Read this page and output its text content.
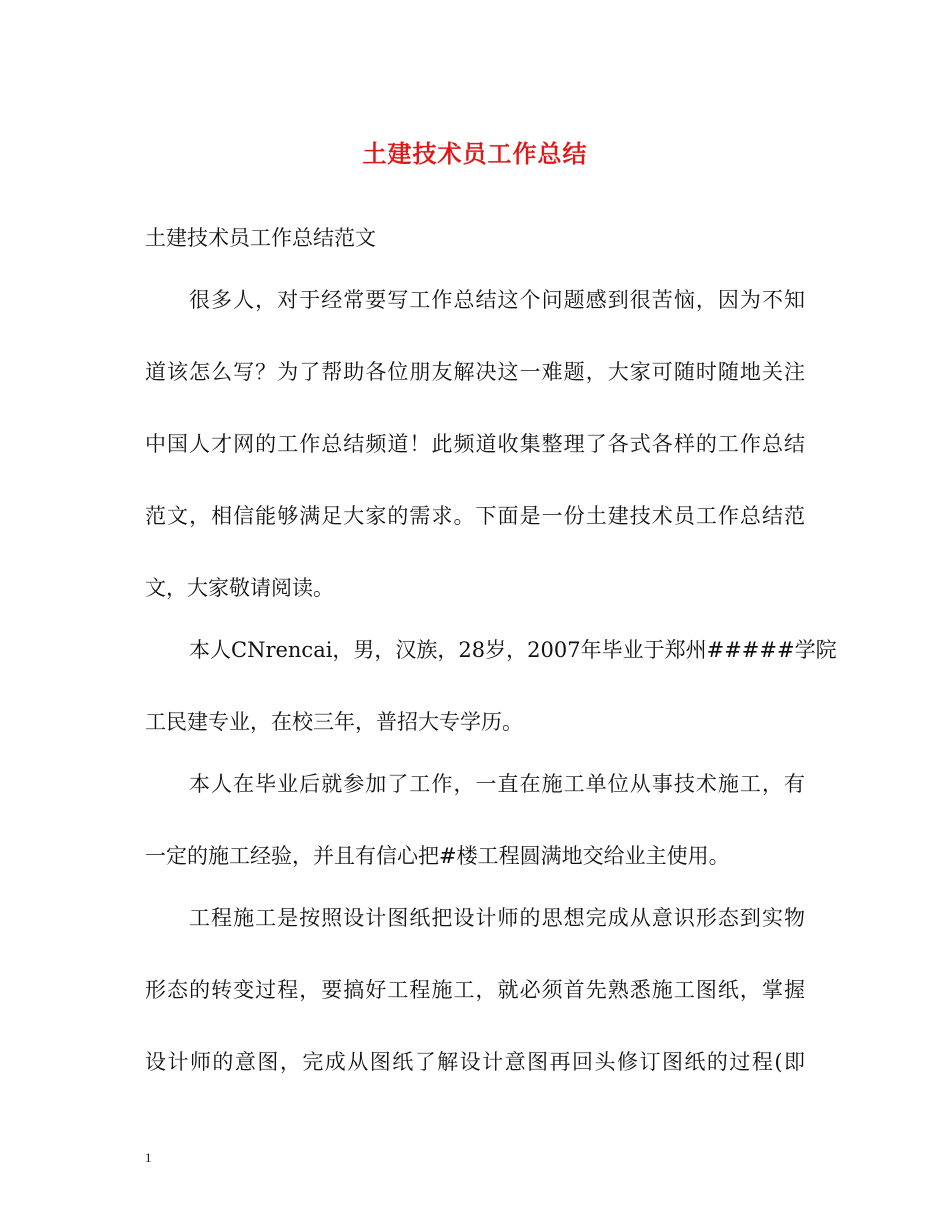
土建技术员工作总结
土建技术员工作总结范文
很多人，对于经常要写工作总结这个问题感到很苦恼，因为不知
道该怎么写？为了帮助各位朋友解决这一难题，大家可随时随地关注
中国人才网的工作总结频道！此频道收集整理了各式各样的工作总结
范文，相信能够满足大家的需求。下面是一份土建技术员工作总结范
文，大家敬请阅读。
本人CNrencai，男，汉族，28岁，2007年毕业于郑州#####学院
工民建专业，在校三年，普招大专学历。
本人在毕业后就参加了工作，一直在施工单位从事技术施工，有
一定的施工经验，并且有信心把#楼工程圆满地交给业主使用。
工程施工是按照设计图纸把设计师的思想完成从意识形态到实物
形态的转变过程，要搞好工程施工，就必须首先熟悉施工图纸，掌握
设计师的意图，完成从图纸了解设计意图再回头修订图纸的过程(即
1
